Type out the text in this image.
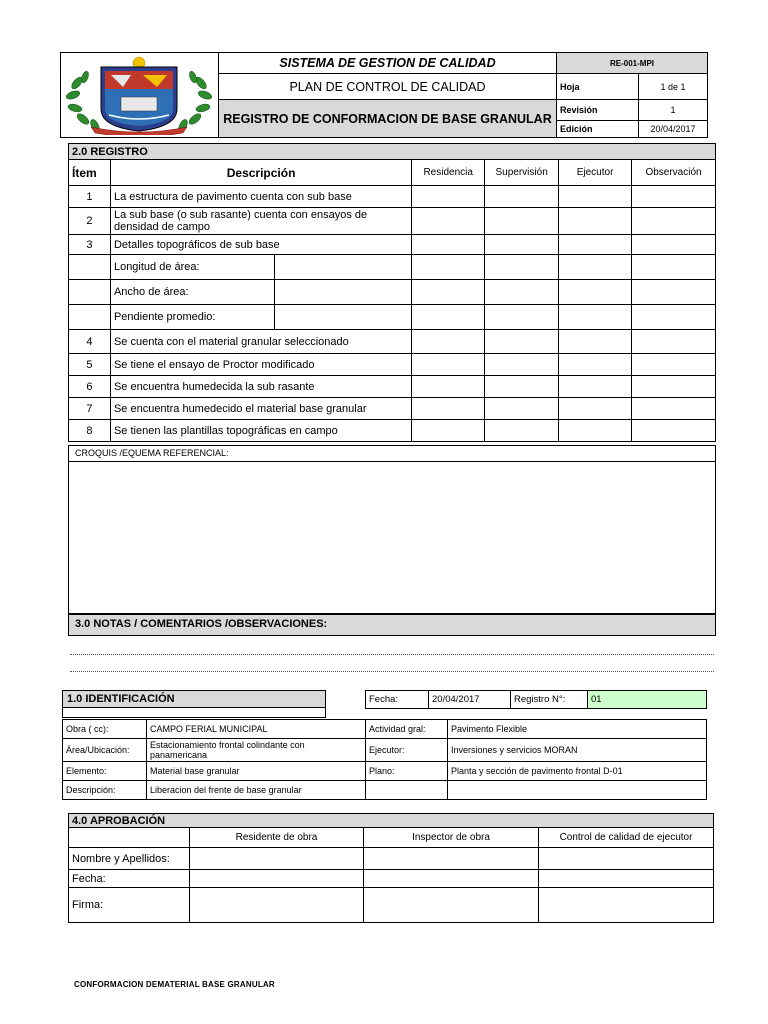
	SISTEMA DE GESTION DE CALIDAD	RE-001-MPI	
	PLAN DE CONTROL DE CALIDAD	Hoja	1 de 1
	REGISTRO DE CONFORMACION DE BASE GRANULAR	Revisión	1
		Edición	20/04/2017
2.0 REGISTRO						
Ítem	Descripción		Residencia	Supervisión	Ejecutor	Observación
1	La estructura de pavimento cuenta con sub base					
2	La sub base (o sub rasante) cuenta con ensayos de densidad de campo					
3	Detalles topográficos de sub base					
	Longitud de área:					
	Ancho de área:					
	Pendiente promedio:					
4	Se cuenta con el material granular seleccionado					
5	Se tiene el ensayo de Proctor modificado					
6	Se encuentra humedecida la sub rasante					
7	Se encuentra humedecido el material base granular					
8	Se tienen las plantillas topográficas en campo					
CROQUIS /EQUEMA REFERENCIAL:
3.0 NOTAS / COMENTARIOS /OBSERVACIONES:
1.0 IDENTIFICACIÓN	Fecha:	20/04/2017	Registro N°:	01
Obra ( cc):	CAMPO FERIAL MUNICIPAL	Actividad gral:	Pavimento Flexible
Área/Ubicación:	Estacionamiento frontal colindante con panamericana	Ejecutor:	Inversiones y servicios MORAN
Elemento:	Material base granular	Plano:	Planta y sección de pavimento frontal D-01
Descripción:	Liberacion del frente de base granular		
4.0 APROBACIÓN			
	Residente de obra	Inspector de obra	Control de calidad de ejecutor
Nombre y Apellidos:			
Fecha:			
Firma:			
CONFORMACION DEMATERIAL BASE GRANULAR
